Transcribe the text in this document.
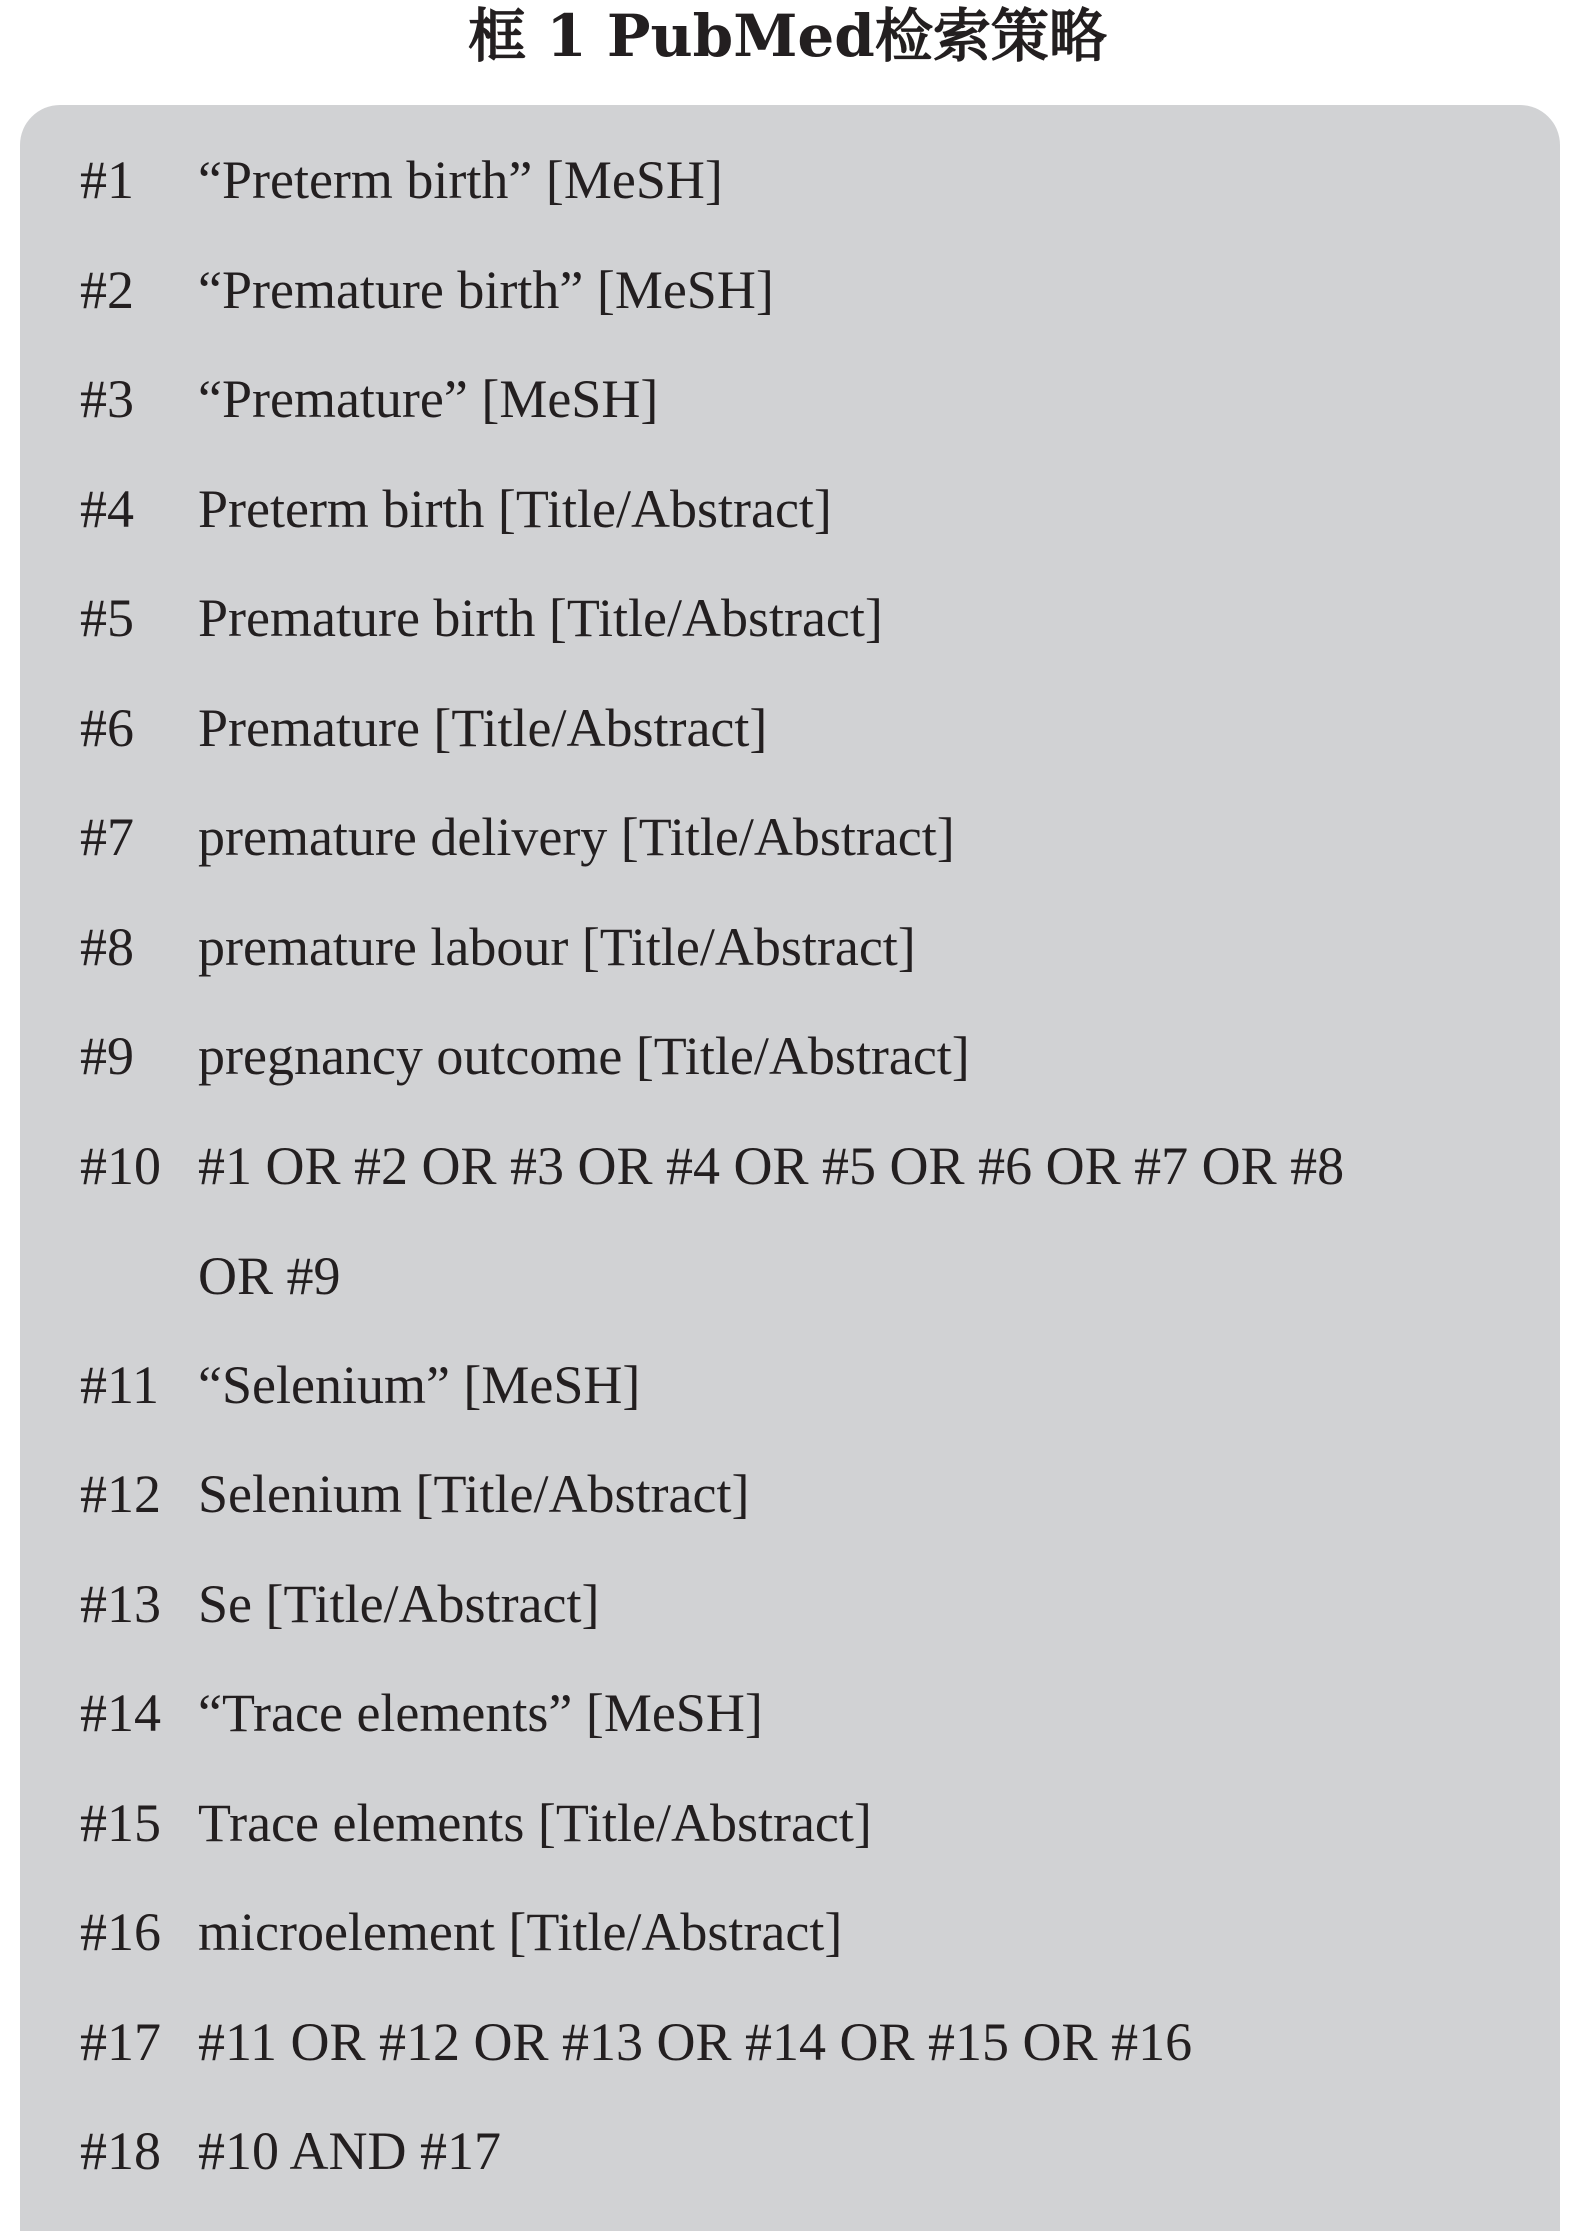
框 1 PubMed检索策略
#1 “Preterm birth” [MeSH]
#2 “Premature birth” [MeSH]
#3 “Premature” [MeSH]
#4 Preterm birth [Title/Abstract]
#5 Premature birth [Title/Abstract]
#6 Premature [Title/Abstract]
#7 premature delivery [Title/Abstract]
#8 premature labour [Title/Abstract]
#9 pregnancy outcome [Title/Abstract]
#10 #1 OR #2 OR #3 OR #4 OR #5 OR #6 OR #7 OR #8
OR #9
#11 “Selenium” [MeSH]
#12 Selenium [Title/Abstract]
#13 Se [Title/Abstract]
#14 “Trace elements” [MeSH]
#15 Trace elements [Title/Abstract]
#16 microelement [Title/Abstract]
#17 #11 OR #12 OR #13 OR #14 OR #15 OR #16
#18 #10 AND #17
